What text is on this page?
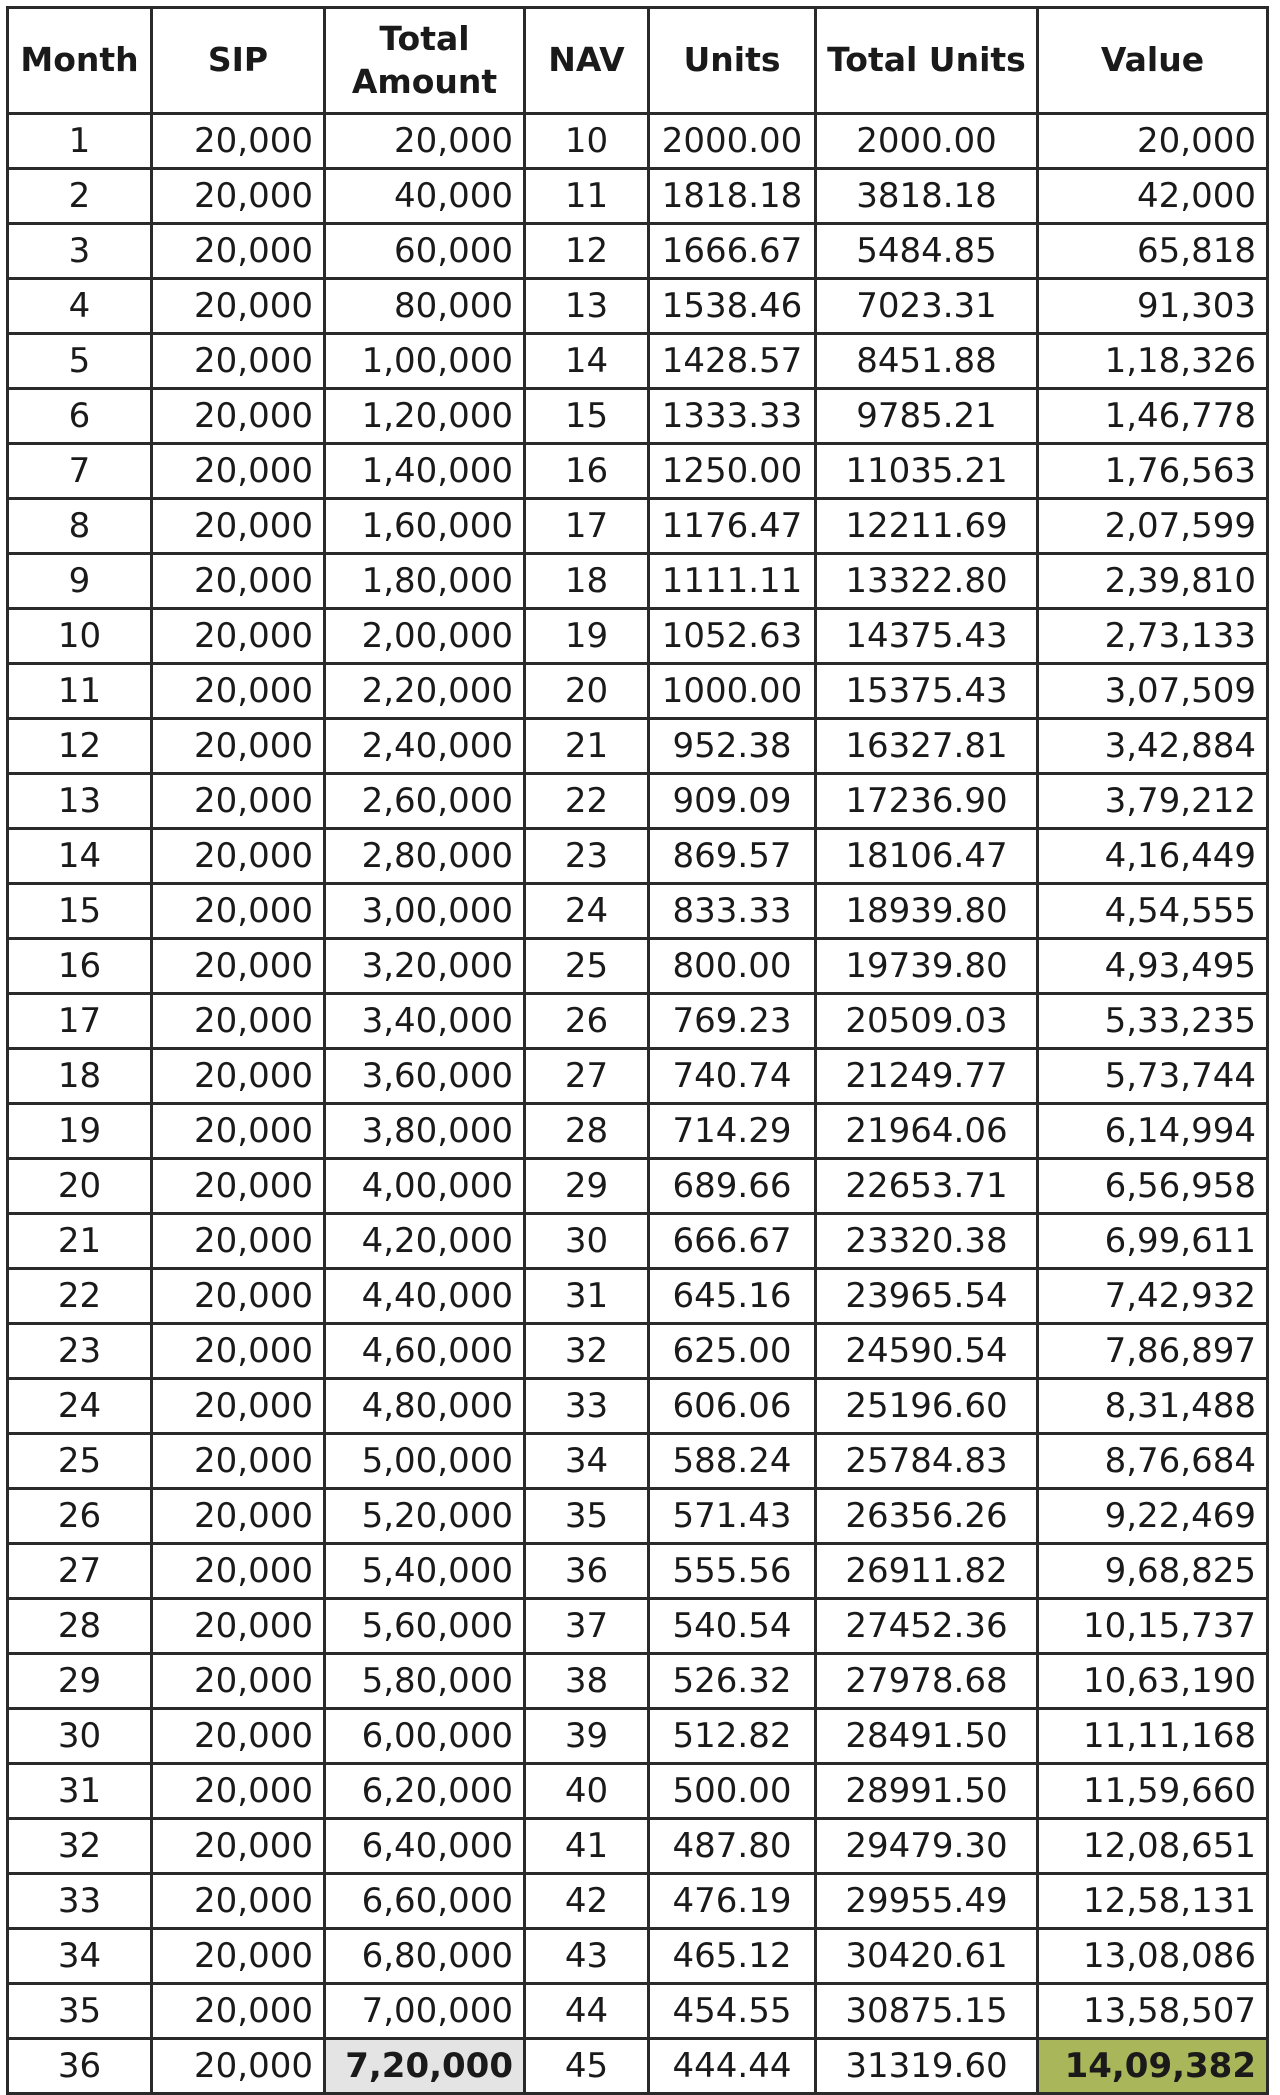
Month	SIP	Total Amount	NAV	Units	Total Units	Value
1	20,000	20,000	10	2000.00	2000.00	20,000
2	20,000	40,000	11	1818.18	3818.18	42,000
3	20,000	60,000	12	1666.67	5484.85	65,818
4	20,000	80,000	13	1538.46	7023.31	91,303
5	20,000	1,00,000	14	1428.57	8451.88	1,18,326
6	20,000	1,20,000	15	1333.33	9785.21	1,46,778
7	20,000	1,40,000	16	1250.00	11035.21	1,76,563
8	20,000	1,60,000	17	1176.47	12211.69	2,07,599
9	20,000	1,80,000	18	1111.11	13322.80	2,39,810
10	20,000	2,00,000	19	1052.63	14375.43	2,73,133
11	20,000	2,20,000	20	1000.00	15375.43	3,07,509
12	20,000	2,40,000	21	952.38	16327.81	3,42,884
13	20,000	2,60,000	22	909.09	17236.90	3,79,212
14	20,000	2,80,000	23	869.57	18106.47	4,16,449
15	20,000	3,00,000	24	833.33	18939.80	4,54,555
16	20,000	3,20,000	25	800.00	19739.80	4,93,495
17	20,000	3,40,000	26	769.23	20509.03	5,33,235
18	20,000	3,60,000	27	740.74	21249.77	5,73,744
19	20,000	3,80,000	28	714.29	21964.06	6,14,994
20	20,000	4,00,000	29	689.66	22653.71	6,56,958
21	20,000	4,20,000	30	666.67	23320.38	6,99,611
22	20,000	4,40,000	31	645.16	23965.54	7,42,932
23	20,000	4,60,000	32	625.00	24590.54	7,86,897
24	20,000	4,80,000	33	606.06	25196.60	8,31,488
25	20,000	5,00,000	34	588.24	25784.83	8,76,684
26	20,000	5,20,000	35	571.43	26356.26	9,22,469
27	20,000	5,40,000	36	555.56	26911.82	9,68,825
28	20,000	5,60,000	37	540.54	27452.36	10,15,737
29	20,000	5,80,000	38	526.32	27978.68	10,63,190
30	20,000	6,00,000	39	512.82	28491.50	11,11,168
31	20,000	6,20,000	40	500.00	28991.50	11,59,660
32	20,000	6,40,000	41	487.80	29479.30	12,08,651
33	20,000	6,60,000	42	476.19	29955.49	12,58,131
34	20,000	6,80,000	43	465.12	30420.61	13,08,086
35	20,000	7,00,000	44	454.55	30875.15	13,58,507
36	20,000	7,20,000	45	444.44	31319.60	14,09,382
